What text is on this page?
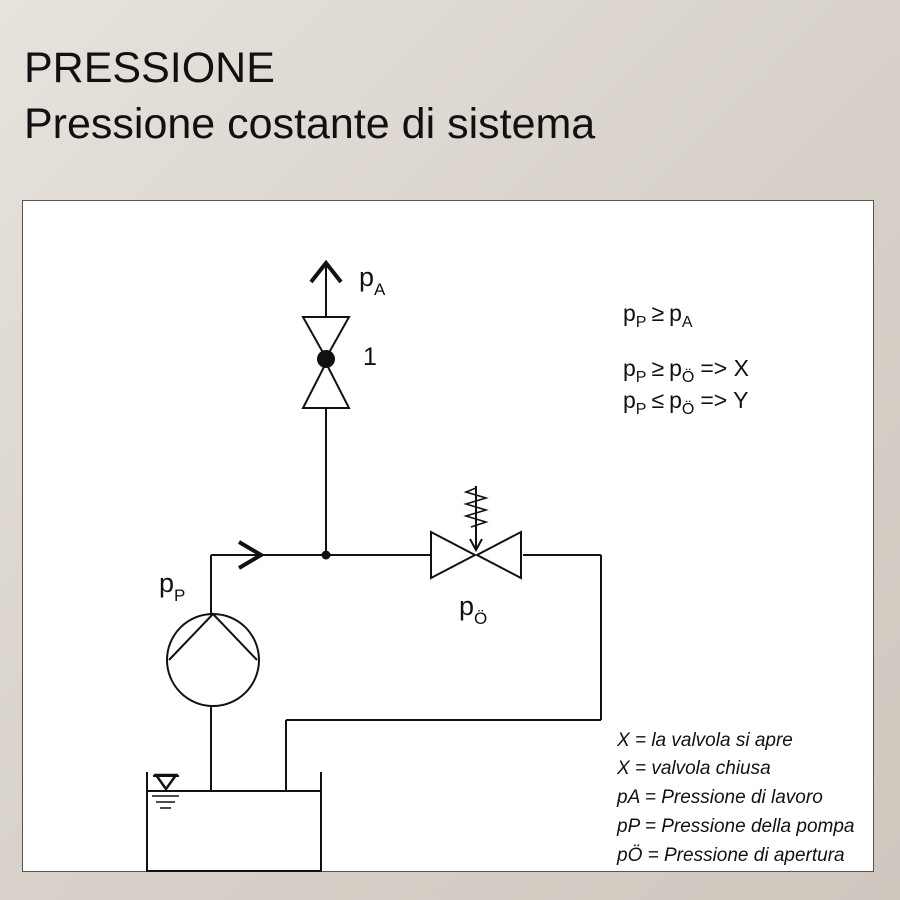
PRESSIONE
Pressione costante di sistema
$p_A$
1
$p_P$	$p_Ö$
$p_P \ge p_A$
$p_P \ge p_Ö => X$
$p_P \le p_Ö => Y$
X = la valvola si apre
X = valvola chiusa
pA = Pressione di lavoro
pP = Pressione della pompa
pÖ = Pressione di apertura
